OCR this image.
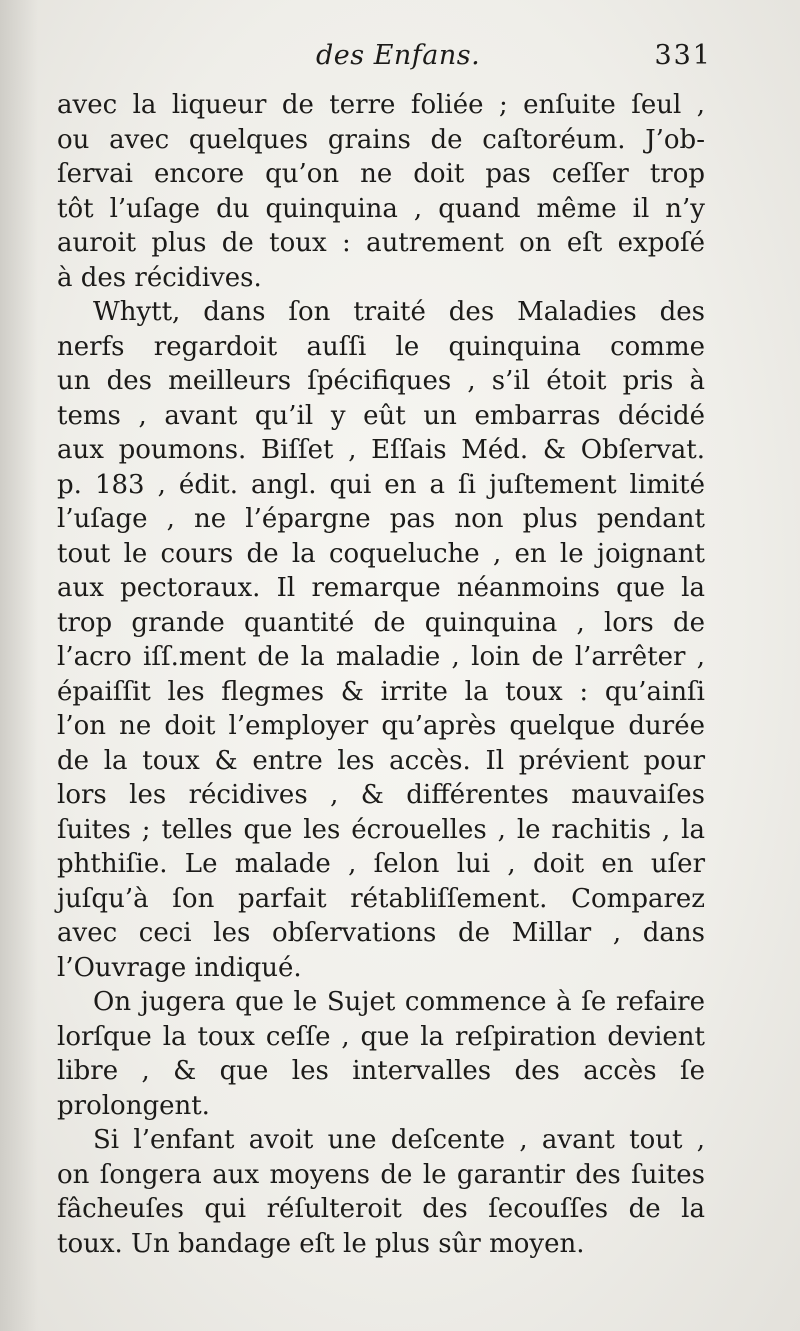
des Enfans.	331
avec la liqueur de terre foliée ; enſuite ſeul ,
ou avec quelques grains de caſtoréum. J’ob-
ſervai encore qu’on ne doit pas ceſſer trop
tôt l’uſage du quinquina , quand même il n’y
auroit plus de toux : autrement on eſt expoſé
à des récidives.
Whytt, dans ſon traité des Maladies des
nerfs regardoit auſſi le quinquina comme
un des meilleurs ſpécifiques , s’il étoit pris à
tems , avant qu’il y eût un embarras décidé
aux poumons. Biſſet , Eſſais Méd. & Obſervat.
p. 183 , édit. angl. qui en a ſi juſtement limité
l’uſage , ne l’épargne pas non plus pendant
tout le cours de la coqueluche , en le joignant
aux pectoraux. Il remarque néanmoins que la
trop grande quantité de quinquina , lors de
l’acro iſſ.ment de la maladie , loin de l’arrêter ,
épaiſſit les flegmes & irrite la toux : qu’ainſi
l’on ne doit l’employer qu’après quelque durée
de la toux & entre les accès. Il prévient pour
lors les récidives , & différentes mauvaiſes
ſuites ; telles que les écrouelles , le rachitis , la
phthiſie. Le malade , ſelon lui , doit en uſer
juſqu’à ſon parfait rétabliſſement. Comparez
avec ceci les obſervations de Millar , dans
l’Ouvrage indiqué.
On jugera que le Sujet commence à ſe refaire
lorſque la toux ceſſe , que la reſpiration devient
libre , & que les intervalles des accès ſe
prolongent.
Si l’enfant avoit une deſcente , avant tout ,
on ſongera aux moyens de le garantir des ſuites
fâcheuſes qui réſulteroit des ſecouſſes de la
toux. Un bandage eſt le plus sûr moyen.
